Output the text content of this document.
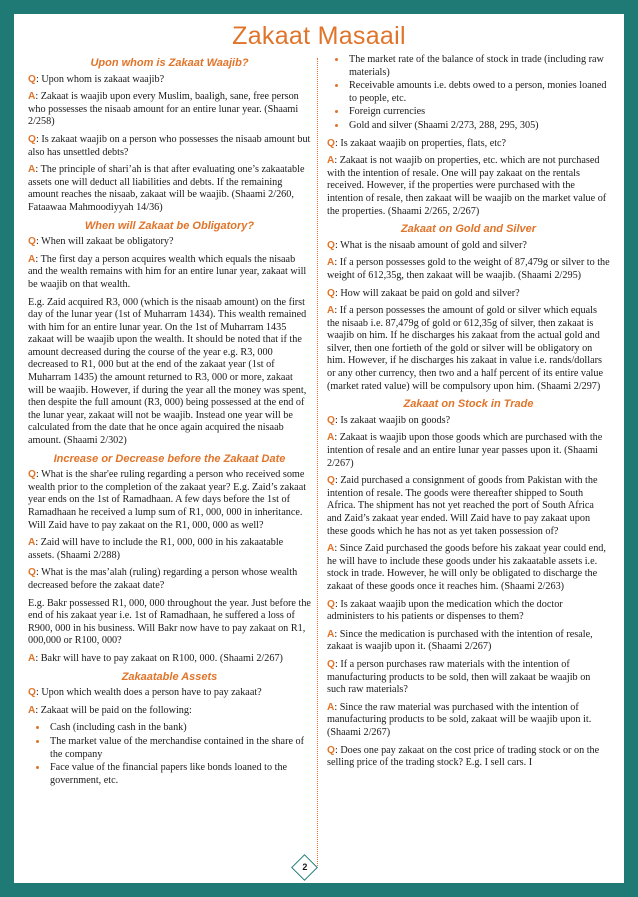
Zakaat Masaail
Upon whom is Zakaat Waajib?

Q: Upon whom is zakaat waajib?

A: Zakaat is waajib upon every Muslim, baaligh, sane, free person who possesses the nisaab amount for an entire lunar year. (Shaami 2/258)

Q: Is zakaat waajib on a person who possesses the nisaab amount but also has unsettled debts?

A: The principle of shari’ah is that after evaluating one’s zakaatable assets one will deduct all liabilities and debts. If the remaining amount reaches the nisaab, zakaat will be waajib. (Shaami 2/260, Fataawaa Mahmoodiyyah 14/36)

When will Zakaat be Obligatory?

Q: When will zakaat be obligatory?

A: The first day a person acquires wealth which equals the nisaab and the wealth remains with him for an entire lunar year, zakaat will be waajib on that wealth.

E.g. Zaid acquired R3, 000 (which is the nisaab amount) on the first day of the lunar year (1st of Muharram 1434). This wealth remained with him for an entire lunar year. On the 1st of Muharram 1435 zakaat will be waajib upon the wealth. It should be noted that if the amount decreased during the course of the year e.g. R3, 000 decreased to R1, 000 but at the end of the zakaat year (1st of Muharram 1435) the amount returned to R3, 000 or more, zakaat will be waajib. However, if during the year all the money was spent, then despite the full amount (R3, 000) being possessed at the end of the lunar year, zakaat will not be waajib. Instead one year will be calculated from the date that he once again acquired the nisaab amount. (Shaami 2/302)

Increase or Decrease before the Zakaat Date

Q: What is the shar'ee ruling regarding a person who received some wealth prior to the completion of the zakaat year? E.g. Zaid’s zakaat year ends on the 1st of Ramadhaan. A few days before the 1st of Ramadhaan he received a lump sum of R1, 000, 000 in inheritance. Will Zaid have to pay zakaat on the R1, 000, 000 as well?

A: Zaid will have to include the R1, 000, 000 in his zakaatable assets. (Shaami 2/288)

Q: What is the mas’alah (ruling) regarding a person whose wealth decreased before the zakaat date?

E.g. Bakr possessed R1, 000, 000 throughout the year. Just before the end of his zakaat year i.e. 1st of Ramadhaan, he suffered a loss of R900, 000 in his business. Will Bakr now have to pay zakaat on R1, 000,000 or R100, 000?

A: Bakr will have to pay zakaat on R100, 000. (Shaami 2/267)

Zakaatable Assets

Q: Upon which wealth does a person have to pay zakaat?

A: Zakaat will be paid on the following:

• Cash (including cash in the bank)
• The market value of the merchandise contained in the share of the company
• Face value of the financial papers like bonds loaned to the government, etc.
• The market rate of the balance of stock in trade (including raw materials)
• Receivable amounts i.e. debts owed to a person, monies loaned to people, etc.
• Foreign currencies
• Gold and silver (Shaami 2/273, 288, 295, 305)

Q: Is zakaat waajib on properties, flats, etc?

A: Zakaat is not waajib on properties, etc. which are not purchased with the intention of resale. One will pay zakaat on the rentals received. However, if the properties were purchased with the intention of resale, then zakaat will be waajib on the market value of the properties. (Shaami 2/265, 2/267)

Zakaat on Gold and Silver

Q: What is the nisaab amount of gold and silver?

A: If a person possesses gold to the weight of 87,479g or silver to the weight of 612,35g, then zakaat will be waajib. (Shaami 2/295)

Q: How will zakaat be paid on gold and silver?

A: If a person possesses the amount of gold or silver which equals the nisaab i.e. 87,479g of gold or 612,35g of silver, then zakaat is waajib on him. If he discharges his zakaat from the actual gold and silver, then one fortieth of the gold or silver will be obligatory on him. However, if he discharges his zakaat in value i.e. rands/dollars or any other currency, then two and a half percent of its entire value (market rated value) will be compulsory upon him. (Shaami 2/297)

Zakaat on Stock in Trade

Q: Is zakaat waajib on goods?

A: Zakaat is waajib upon those goods which are purchased with the intention of resale and an entire lunar year passes upon it. (Shaami 2/267)

Q: Zaid purchased a consignment of goods from Pakistan with the intention of resale. The goods were thereafter shipped to South Africa. The shipment has not yet reached the port of South Africa and Zaid’s zakaat year ended. Will Zaid have to pay zakaat upon these goods which he has not as yet taken possession of?

A: Since Zaid purchased the goods before his zakaat year could end, he will have to include these goods under his zakaatable assets i.e. stock in trade. However, he will only be obligated to discharge the zakaat of these goods once it reaches him. (Shaami 2/263)

Q: Is zakaat waajib upon the medication which the doctor administers to his patients or dispenses to them?

A: Since the medication is purchased with the intention of resale, zakaat is waajib upon it. (Shaami 2/267)

Q: If a person purchases raw materials with the intention of manufacturing products to be sold, then will zakaat be waajib on such raw materials?

A: Since the raw material was purchased with the intention of manufacturing products to be sold, zakaat will be waajib upon it. (Shaami 2/267)

Q: Does one pay zakaat on the cost price of trading stock or on the selling price of the trading stock? E.g. I sell cars. I

2
